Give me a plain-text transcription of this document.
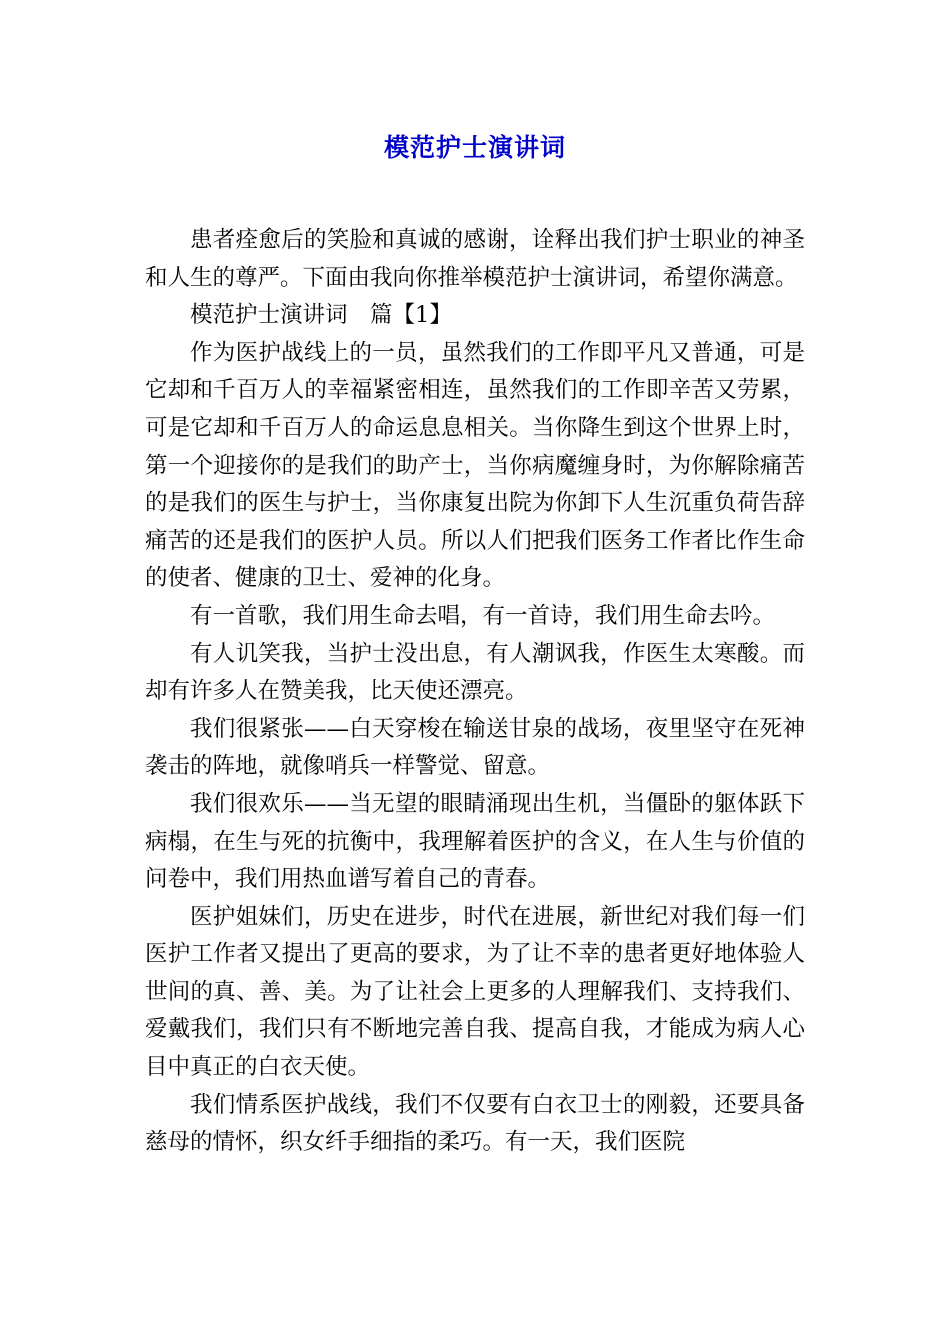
模范护士演讲词

患者痊愈后的笑脸和真诚的感谢，诠释出我们护士职业的神圣和人生的尊严。下面由我向你推举模范护士演讲词，希望你满意。

模范护士演讲词　篇【1】

作为医护战线上的一员，虽然我们的工作即平凡又普通，可是它却和千百万人的幸福紧密相连，虽然我们的工作即辛苦又劳累，可是它却和千百万人的命运息息相关。当你降生到这个世界上时，第一个迎接你的是我们的助产士，当你病魔缠身时，为你解除痛苦的是我们的医生与护士，当你康复出院为你卸下人生沉重负荷告辞痛苦的还是我们的医护人员。所以人们把我们医务工作者比作生命的使者、健康的卫士、爱神的化身。

有一首歌，我们用生命去唱，有一首诗，我们用生命去吟。

有人讥笑我，当护士没出息，有人潮讽我，作医生太寒酸。而却有许多人在赞美我，比天使还漂亮。

我们很紧张——白天穿梭在输送甘泉的战场，夜里坚守在死神袭击的阵地，就像哨兵一样警觉、留意。

我们很欢乐——当无望的眼睛涌现出生机，当僵卧的躯体跃下病榻，在生与死的抗衡中，我理解着医护的含义，在人生与价值的问卷中，我们用热血谱写着自己的青春。

医护姐妹们，历史在进步，时代在进展，新世纪对我们每一们医护工作者又提出了更高的要求，为了让不幸的患者更好地体验人世间的真、善、美。为了让社会上更多的人理解我们、支持我们、爱戴我们，我们只有不断地完善自我、提高自我，才能成为病人心目中真正的白衣天使。

我们情系医护战线，我们不仅要有白衣卫士的刚毅，还要具备慈母的情怀，织女纤手细指的柔巧。有一天，我们医院
